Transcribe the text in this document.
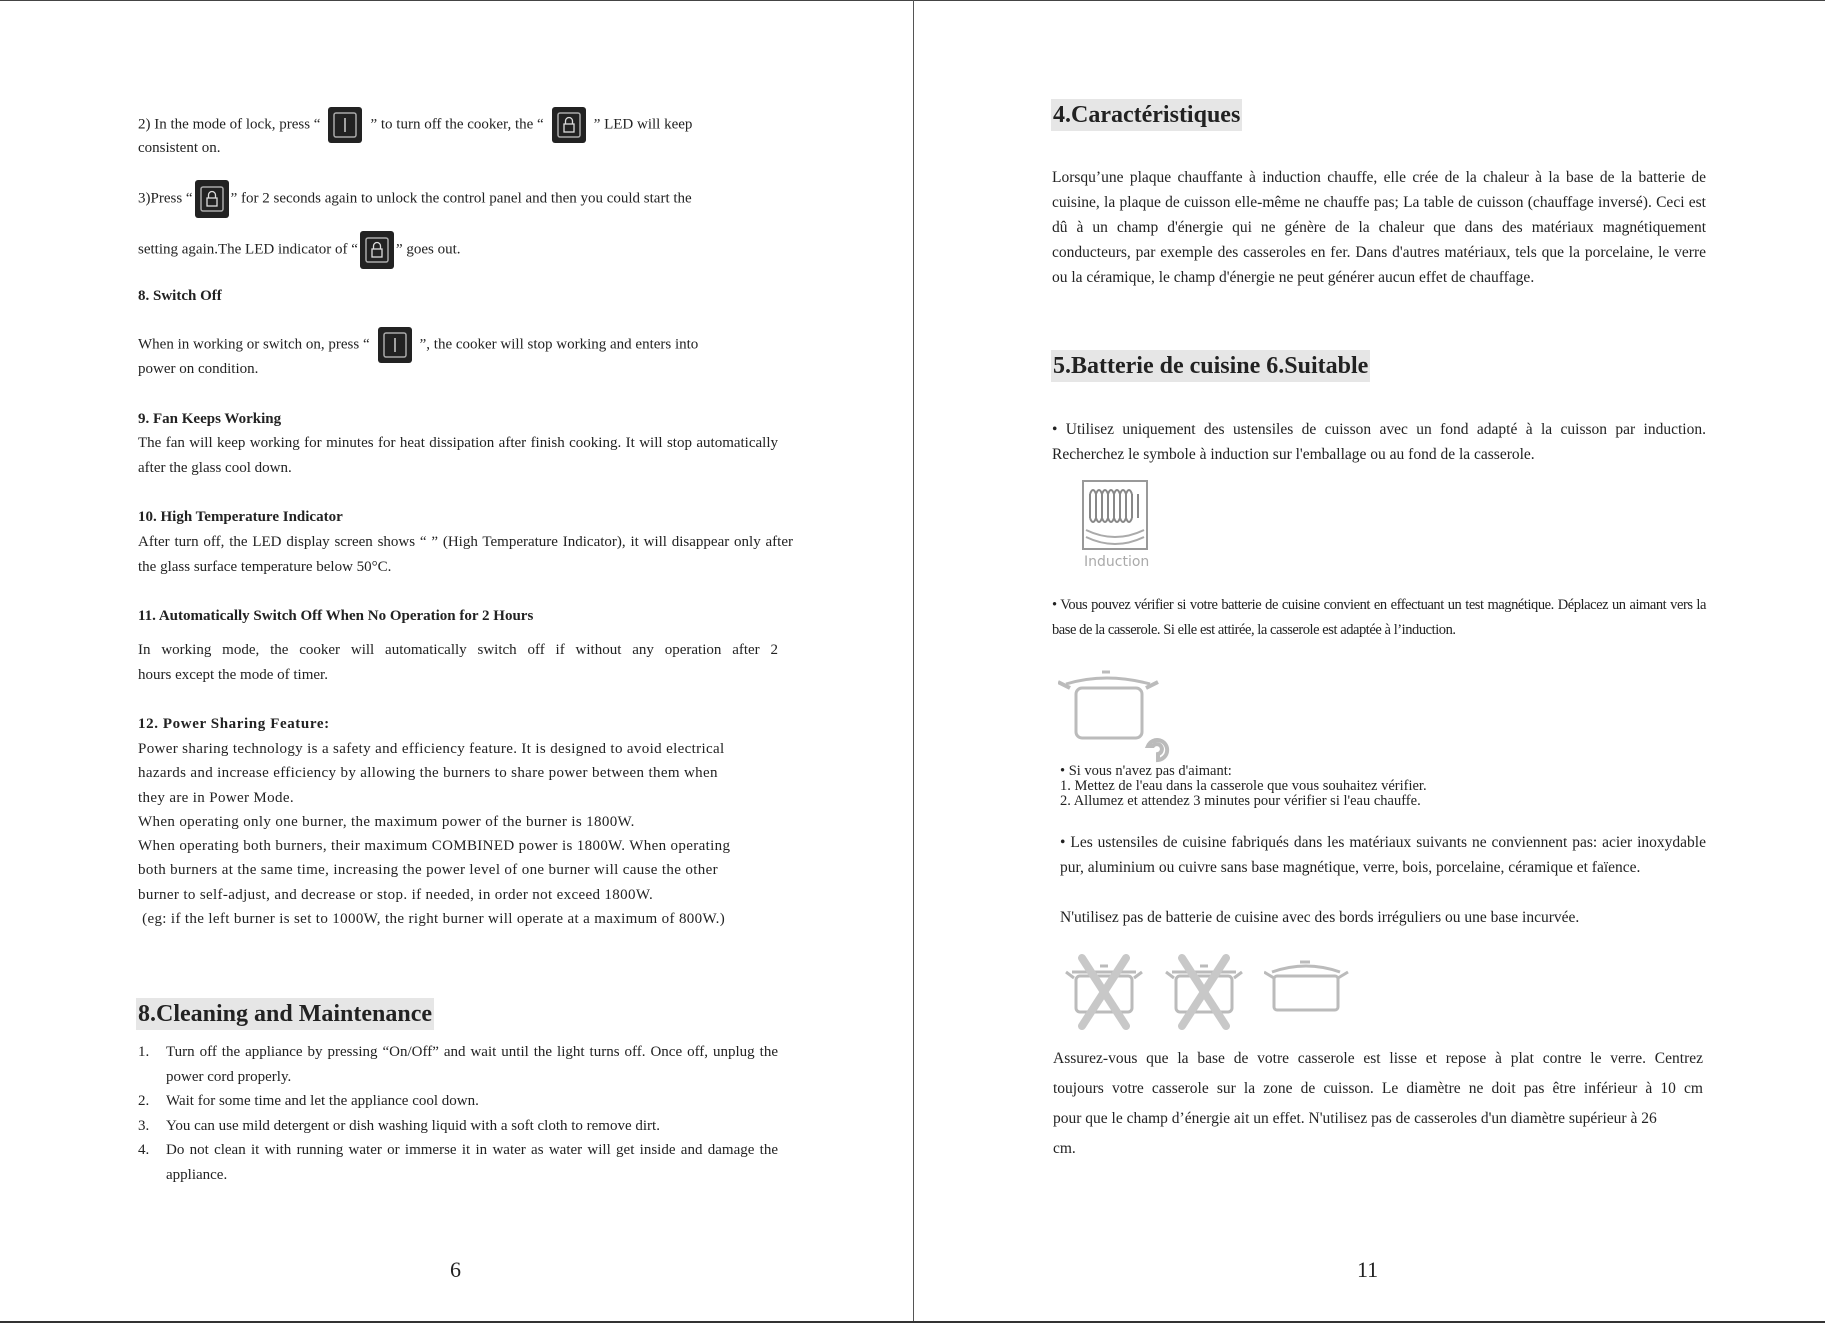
2) In the mode of lock, press “	” to turn off the cooker, the “	” LED will keep

consistent on.

3)Press “	” for 2 seconds again to unlock the control panel and then you could start the

setting again.The LED indicator of “	” goes out.

8. Switch Off

When in working or switch on, press “	”, the cooker will stop working and enters into

power on condition.

9. Fan Keeps Working

The fan will keep working for minutes for heat dissipation after finish cooking. It will stop automatically after the glass cool down.

10. High Temperature Indicator

After turn off, the LED display screen shows “ ” (High Temperature Indicator), it will disappear only after the glass surface temperature below 50°C.

11. Automatically Switch Off When No Operation for 2 Hours

In working mode, the cooker will automatically switch off if without any operation after 2

hours except the mode of timer.

12. Power Sharing Feature:

Power sharing technology is a safety and efficiency feature. It is designed to avoid electrical
hazards and increase efficiency by allowing the burners to share power between them when
they are in Power Mode.
When operating only one burner, the maximum power of the burner is 1800W.
When operating both burners, their maximum COMBINED power is 1800W. When operating
both burners at the same time, increasing the power level of one burner will cause the other
burner to self-adjust, and decrease or stop. if needed, in order not exceed 1800W.
(eg: if the left burner is set to 1000W, the right burner will operate at a maximum of 800W.)
8.Cleaning and Maintenance
1. Turn off the appliance by pressing “On/Off” and wait until the light turns off. Once off, unplug the power cord properly.
2. Wait for some time and let the appliance cool down.
3. You can use mild detergent or dish washing liquid with a soft cloth to remove dirt.
4. Do not clean it with running water or immerse it in water as water will get inside and damage the appliance.
6
4.Caractéristiques

Lorsqu’une plaque chauffante à induction chauffe, elle crée de la chaleur à la base de la batterie de cuisine, la plaque de cuisson elle-même ne chauffe pas; La table de cuisson (chauffage inversé). Ceci est dû à un champ d'énergie qui ne génère de la chaleur que dans des matériaux magnétiquement conducteurs, par exemple des casseroles en fer. Dans d'autres matériaux, tels que la porcelaine, le verre ou la céramique, le champ d'énergie ne peut générer aucun effet de chauffage.

5.Batterie de cuisine 6.Suitable

• Utilisez uniquement des ustensiles de cuisson avec un fond adapté à la cuisson par induction. Recherchez le symbole à induction sur l'emballage ou au fond de la casserole.

Induction

• Vous pouvez vérifier si votre batterie de cuisine convient en effectuant un test magnétique. Déplacez un aimant vers la base de la casserole. Si elle est attirée, la casserole est adaptée à l’induction.

• Si vous n'avez pas d'aimant:
1. Mettez de l'eau dans la casserole que vous souhaitez vérifier.
2. Allumez et attendez 3 minutes pour vérifier si l'eau chauffe.

• Les ustensiles de cuisine fabriqués dans les matériaux suivants ne conviennent pas: acier inoxydable pur, aluminium ou cuivre sans base magnétique, verre, bois, porcelaine, céramique et faïence.

N'utilisez pas de batterie de cuisine avec des bords irréguliers ou une base incurvée.

Assurez-vous que la base de votre casserole est lisse et repose à plat contre le verre. Centrez
toujours votre casserole sur la zone de cuisson. Le diamètre ne doit pas être inférieur à 10 cm
pour que le champ d’énergie ait un effet. N'utilisez pas de casseroles d'un diamètre supérieur à 26
cm.
11
